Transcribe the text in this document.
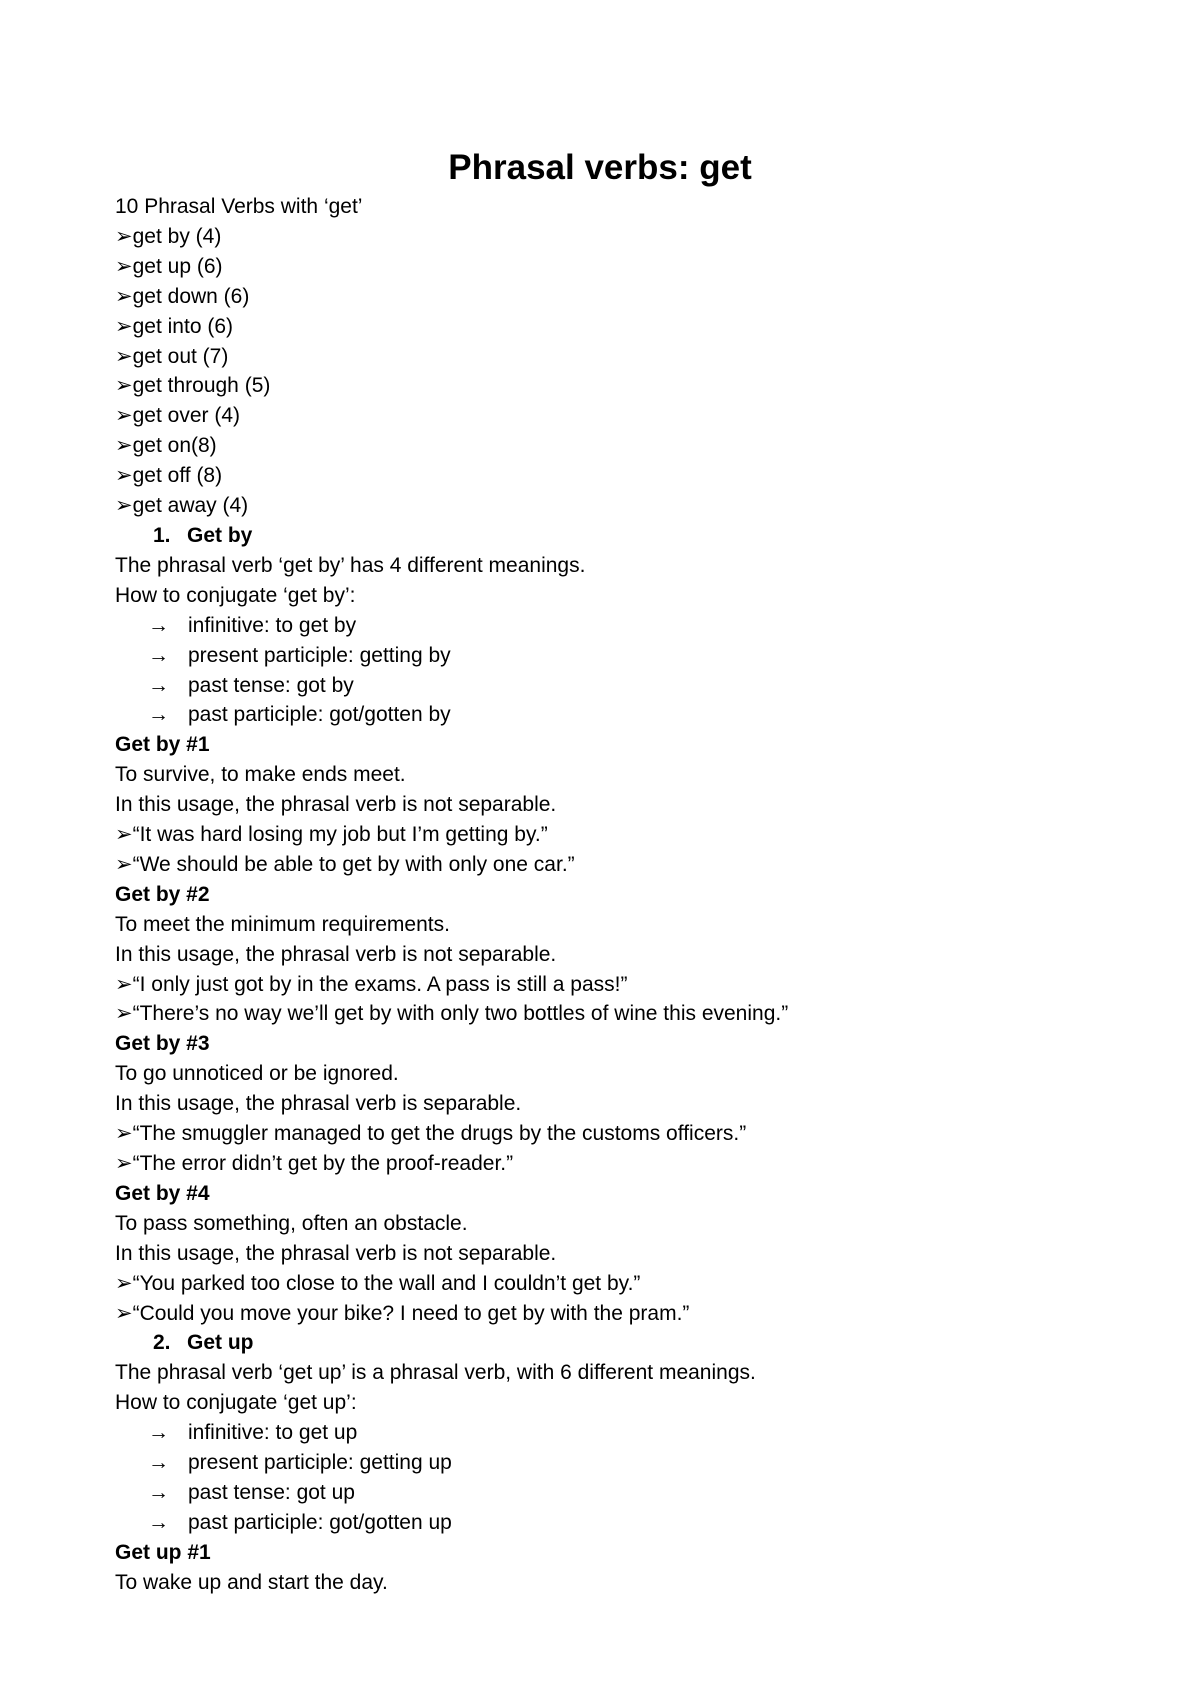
Phrasal verbs: get
10 Phrasal Verbs with ‘get’
➢get by (4)
➢get up (6)
➢get down (6)
➢get into (6)
➢get out (7)
➢get through (5)
➢get over (4)
➢get on(8)
➢get off (8)
➢get away (4)
1. Get by
The phrasal verb ‘get by’ has 4 different meanings.
How to conjugate ‘get by’:
→ infinitive: to get by
→ present participle: getting by
→ past tense: got by
→ past participle: got/gotten by
Get by #1
To survive, to make ends meet.
In this usage, the phrasal verb is not separable.
➢“It was hard losing my job but I’m getting by.”
➢“We should be able to get by with only one car.”
Get by #2
To meet the minimum requirements.
In this usage, the phrasal verb is not separable.
➢“I only just got by in the exams. A pass is still a pass!”
➢“There’s no way we’ll get by with only two bottles of wine this evening.”
Get by #3
To go unnoticed or be ignored.
In this usage, the phrasal verb is separable.
➢“The smuggler managed to get the drugs by the customs officers.”
➢“The error didn’t get by the proof-reader.”
Get by #4
To pass something, often an obstacle.
In this usage, the phrasal verb is not separable.
➢“You parked too close to the wall and I couldn’t get by.”
➢“Could you move your bike? I need to get by with the pram.”
2. Get up
The phrasal verb ‘get up’ is a phrasal verb, with 6 different meanings.
How to conjugate ‘get up’:
→ infinitive: to get up
→ present participle: getting up
→ past tense: got up
→ past participle: got/gotten up
Get up #1
To wake up and start the day.
